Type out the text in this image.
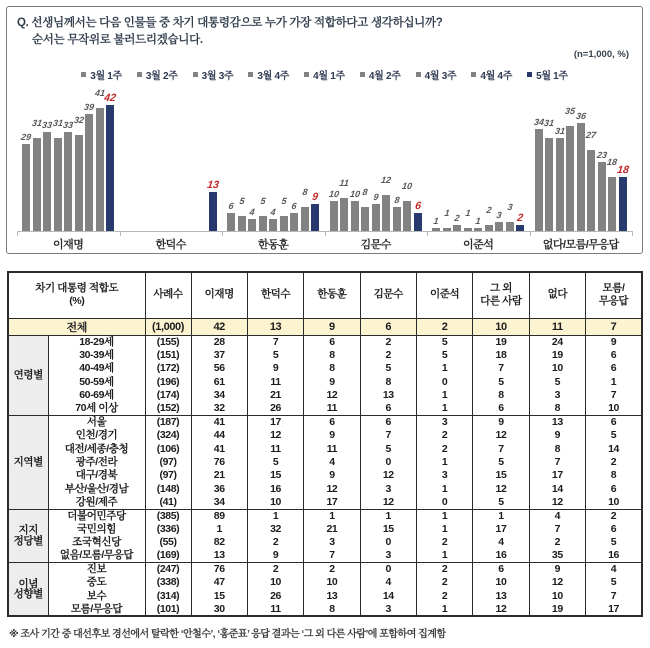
Q. 선생님께서는 다음 인물들 중 차기 대통령감으로 누가 가장 적합하다고 생각하십니까?
순서는 무작위로 불러드리겠습니다.
(n=1,000, %)
3월 1주 3월 2주 3월 3주 3월 4주 4월 1주 4월 2주 4월 3주 4월 4주 5월 1주
29
31 33 31 33 32
39
41
42
13
6 5
4
5
4
5 6
8 9 10
11
10 8 9
12
8
10
6
1
1 2 1
1
2 3
3
2
34 31
31
35 36
27
23
18
18
이재명	한덕수	한동훈	김문수	이준석	없다/모름/무응답
차기 대통령 적합도
(%)		사례수	이재명	한덕수	한동훈	김문수	이준석	그 외
다른 사람	없다	모름/
무응답
전체		(1,000)	42	13	9	6	2	10	11	7
연령별	18-29세	(155)	28	7	6	2	5	19	24	9
	30-39세	(151)	37	5	8	2	5	18	19	6
	40-49세	(172)	56	9	8	5	1	7	10	6
	50-59세	(196)	61	11	9	8	0	5	5	1
	60-69세	(174)	34	21	12	13	1	8	3	7
	70세 이상	(152)	32	26	11	6	1	6	8	10
지역별	서울	(187)	41	17	6	6	3	9	13	6
	인천/경기	(324)	44	12	9	7	2	12	9	5
	대전/세종/충청	(106)	41	11	11	5	2	7	8	14
	광주/전라	(97)	76	5	4	0	1	5	7	2
	대구/경북	(97)	21	15	9	12	3	15	17	8
	부산/울산/경남	(148)	36	16	12	3	1	12	14	6
	강원/제주	(41)	34	10	17	12	0	5	12	10
지지
정당별	더불어민주당	(385)	89	1	1	1	1	1	4	2
	국민의힘	(336)	1	32	21	15	1	17	7	6
	조국혁신당	(55)	82	2	3	0	2	4	2	5
	없음/모름/무응답	(169)	13	9	7	3	1	16	35	16
이념
성향별	진보	(247)	76	2	2	0	2	6	9	4
	중도	(338)	47	10	10	4	2	10	12	5
	보수	(314)	15	26	13	14	2	13	10	7
	모름/무응답	(101)	30	11	8	3	1	12	19	17
※ 조사 기간 중 대선후보 경선에서 탈락한 ‘안철수’, ‘홍준표’ 응답 결과는 ‘그 외 다른 사람’에 포함하여 집계함
